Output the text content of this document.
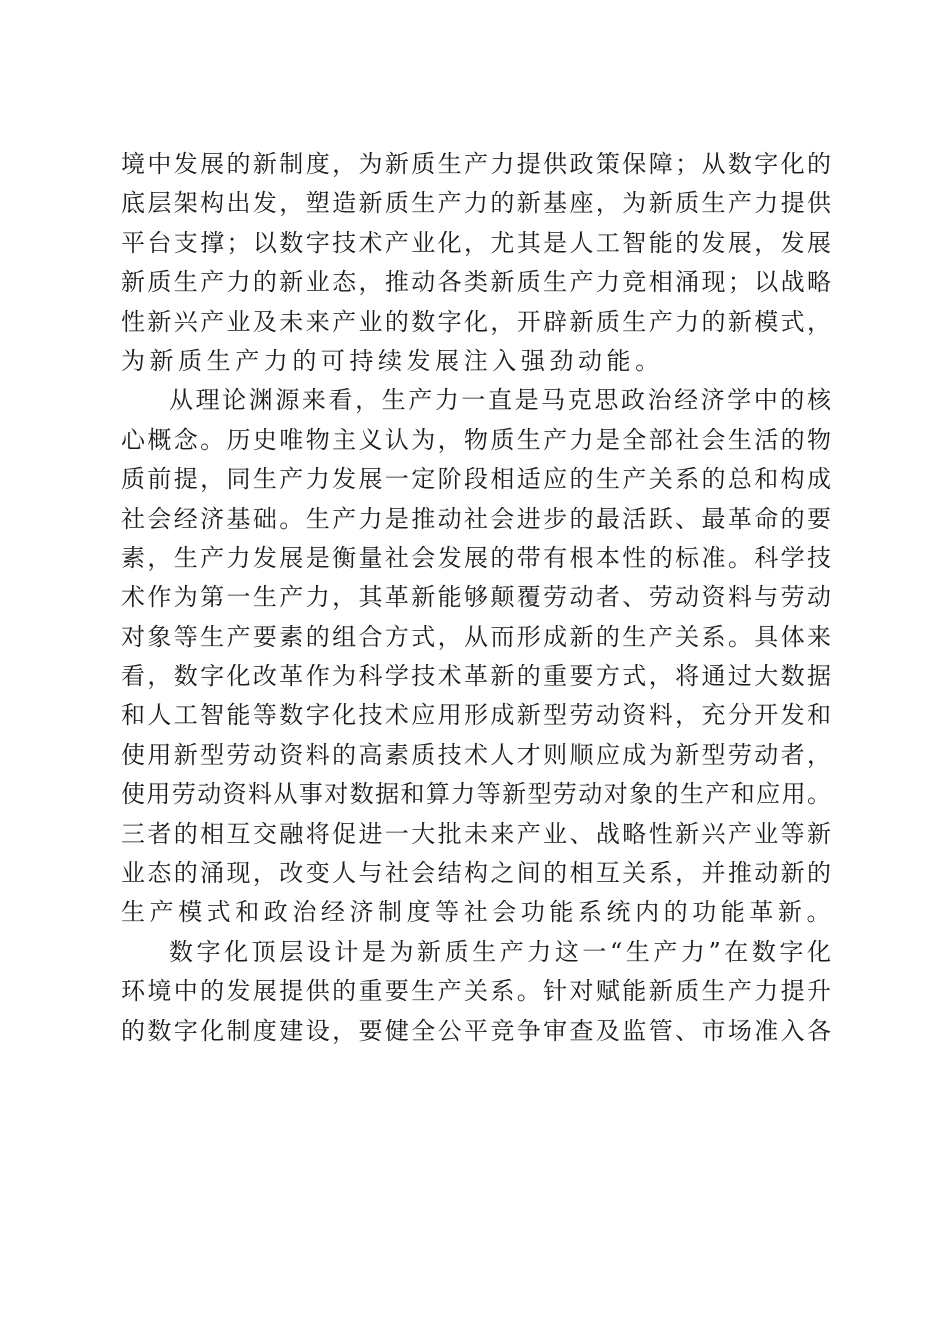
境中发展的新制度，为新质生产力提供政策保障；从数字化的
底层架构出发，塑造新质生产力的新基座，为新质生产力提供
平台支撑；以数字技术产业化，尤其是人工智能的发展，发展
新质生产力的新业态，推动各类新质生产力竞相涌现；以战略
性新兴产业及未来产业的数字化，开辟新质生产力的新模式，
为新质生产力的可持续发展注入强劲动能。
从理论渊源来看，生产力一直是马克思政治经济学中的核
心概念。历史唯物主义认为，物质生产力是全部社会生活的物
质前提，同生产力发展一定阶段相适应的生产关系的总和构成
社会经济基础。生产力是推动社会进步的最活跃、最革命的要
素，生产力发展是衡量社会发展的带有根本性的标准。科学技
术作为第一生产力，其革新能够颠覆劳动者、劳动资料与劳动
对象等生产要素的组合方式，从而形成新的生产关系。具体来
看，数字化改革作为科学技术革新的重要方式，将通过大数据
和人工智能等数字化技术应用形成新型劳动资料，充分开发和
使用新型劳动资料的高素质技术人才则顺应成为新型劳动者，
使用劳动资料从事对数据和算力等新型劳动对象的生产和应用。
三者的相互交融将促进一大批未来产业、战略性新兴产业等新
业态的涌现，改变人与社会结构之间的相互关系，并推动新的
生产模式和政治经济制度等社会功能系统内的功能革新。
数字化顶层设计是为新质生产力这一“生产力”在数字化
环境中的发展提供的重要生产关系。针对赋能新质生产力提升
的数字化制度建设，要健全公平竞争审查及监管、市场准入各
